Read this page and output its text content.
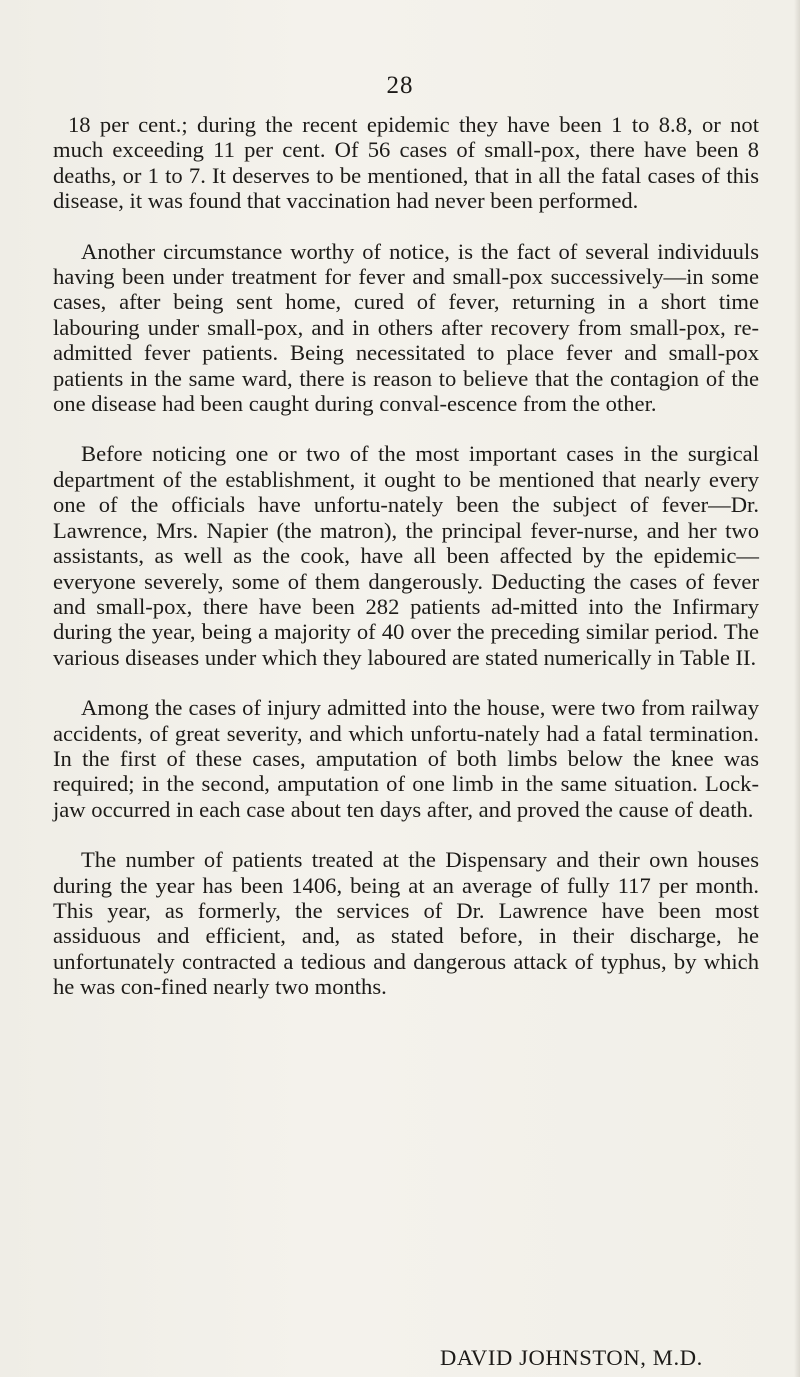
28

18 per cent.; during the recent epidemic they have been 1 to 8.8, or not much exceeding 11 per cent. Of 56 cases of small-pox, there have been 8 deaths, or 1 to 7. It deserves to be mentioned, that in all the fatal cases of this disease, it was found that vaccination had never been performed.

Another circumstance worthy of notice, is the fact of several individuuls having been under treatment for fever and small-pox successively—in some cases, after being sent home, cured of fever, returning in a short time labouring under small-pox, and in others after recovery from small-pox, re-admitted fever patients. Being necessitated to place fever and small-pox patients in the same ward, there is reason to believe that the contagion of the one disease had been caught during conval-escence from the other.

Before noticing one or two of the most important cases in the surgical department of the establishment, it ought to be mentioned that nearly every one of the officials have unfortu-nately been the subject of fever—Dr. Lawrence, Mrs. Napier (the matron), the principal fever-nurse, and her two assistants, as well as the cook, have all been affected by the epidemic—everyone severely, some of them dangerously. Deducting the cases of fever and small-pox, there have been 282 patients ad-mitted into the Infirmary during the year, being a majority of 40 over the preceding similar period. The various diseases under which they laboured are stated numerically in Table II.

Among the cases of injury admitted into the house, were two from railway accidents, of great severity, and which unfortu-nately had a fatal termination. In the first of these cases, amputation of both limbs below the knee was required; in the second, amputation of one limb in the same situation. Lock-jaw occurred in each case about ten days after, and proved the cause of death.

The number of patients treated at the Dispensary and their own houses during the year has been 1406, being at an average of fully 117 per month. This year, as formerly, the services of Dr. Lawrence have been most assiduous and efficient, and, as stated before, in their discharge, he unfortunately contracted a tedious and dangerous attack of typhus, by which he was con-fined nearly two months.

DAVID JOHNSTON, M.D.
